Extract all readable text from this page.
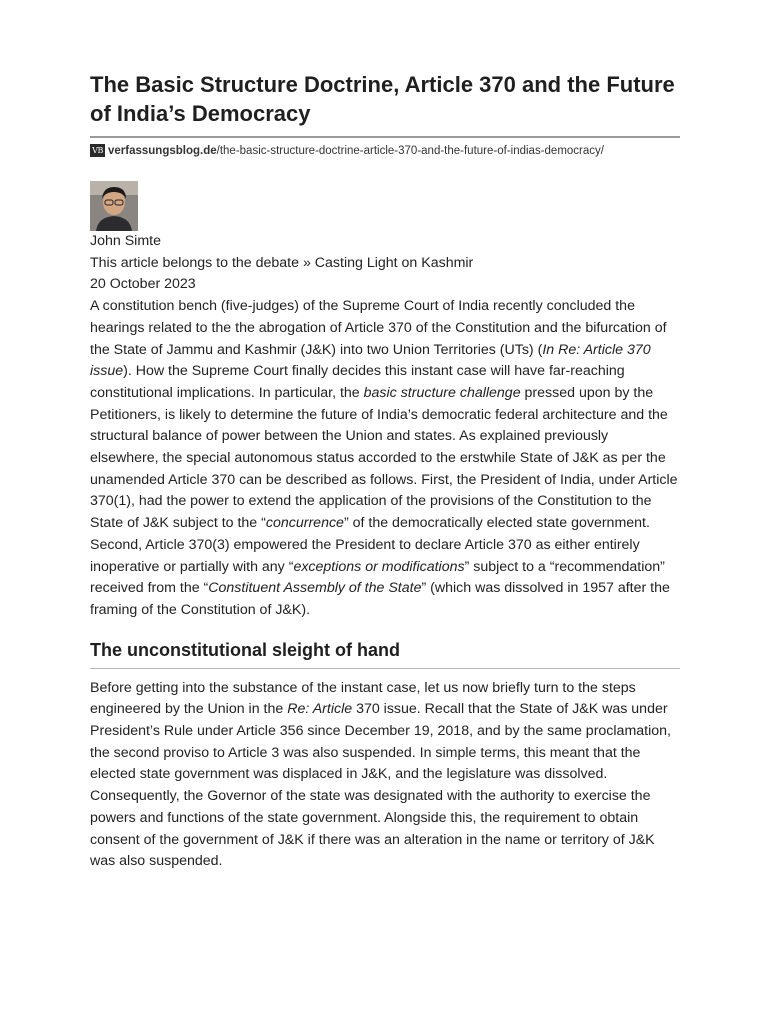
The Basic Structure Doctrine, Article 370 and the Future of India’s Democracy
VB verfassungsblog.de /the-basic-structure-doctrine-article-370-and-the-future-of-indias-democracy/
John Simte
This article belongs to the debate » Casting Light on Kashmir
20 October 2023

A constitution bench (five-judges) of the Supreme Court of India recently concluded the hearings related to the the abrogation of Article 370 of the Constitution and the bifurcation of the State of Jammu and Kashmir (J&K) into two Union Territories (UTs) (In Re: Article 370 issue). How the Supreme Court finally decides this instant case will have far-reaching constitutional implications. In particular, the basic structure challenge pressed upon by the Petitioners, is likely to determine the future of India’s democratic federal architecture and the structural balance of power between the Union and states. As explained previously elsewhere, the special autonomous status accorded to the erstwhile State of J&K as per the unamended Article 370 can be described as follows. First, the President of India, under Article 370(1), had the power to extend the application of the provisions of the Constitution to the State of J&K subject to the “concurrence” of the democratically elected state government. Second, Article 370(3) empowered the President to declare Article 370 as either entirely inoperative or partially with any “exceptions or modifications” subject to a “recommendation” received from the “Constituent Assembly of the State” (which was dissolved in 1957 after the framing of the Constitution of J&K).

The unconstitutional sleight of hand

Before getting into the substance of the instant case, let us now briefly turn to the steps engineered by the Union in the Re: Article 370 issue. Recall that the State of J&K was under President’s Rule under Article 356 since December 19, 2018, and by the same proclamation, the second proviso to Article 3 was also suspended. In simple terms, this meant that the elected state government was displaced in J&K, and the legislature was dissolved. Consequently, the Governor of the state was designated with the authority to exercise the powers and functions of the state government. Alongside this, the requirement to obtain consent of the government of J&K if there was an alteration in the name or territory of J&K was also suspended.
